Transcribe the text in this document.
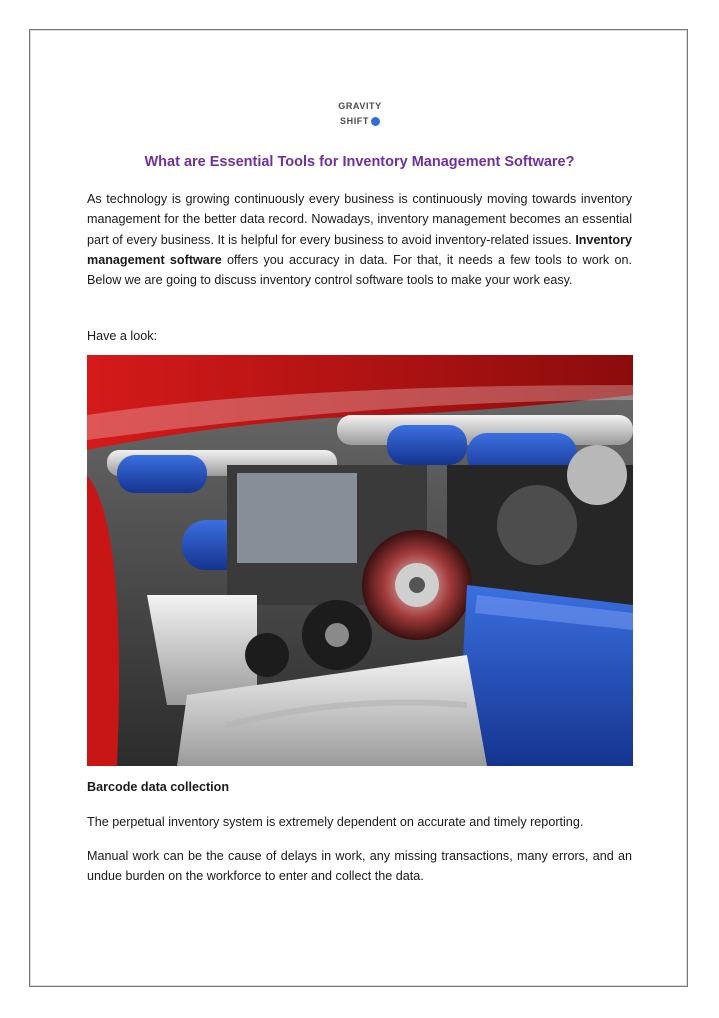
GRAVITY
SHIFT
What are Essential Tools for Inventory Management Software?

As technology is growing continuously every business is continuously moving towards inventory management for the better data record. Nowadays, inventory management becomes an essential part of every business. It is helpful for every business to avoid inventory-related issues. Inventory management software offers you accuracy in data. For that, it needs a few tools to work on. Below we are going to discuss inventory control software tools to make your work easy.

Have a look:

Barcode data collection

The perpetual inventory system is extremely dependent on accurate and timely reporting.

Manual work can be the cause of delays in work, any missing transactions, many errors, and an undue burden on the workforce to enter and collect the data.
